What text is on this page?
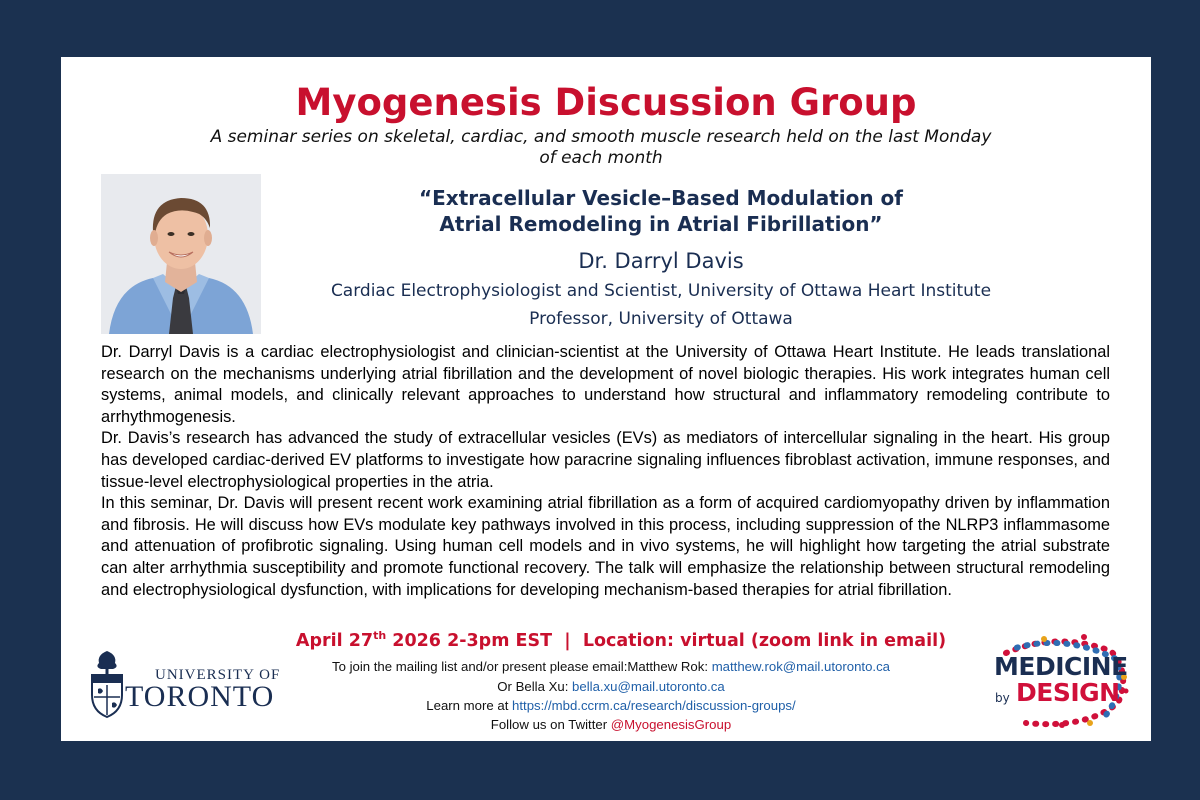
Myogenesis Discussion Group
A seminar series on skeletal, cardiac, and smooth muscle research held on the last Monday of each month
“Extracellular Vesicle–Based Modulation of
Atrial Remodeling in Atrial Fibrillation”
Dr. Darryl Davis
Cardiac Electrophysiologist and Scientist, University of Ottawa Heart Institute
Professor, University of Ottawa

Dr. Darryl Davis is a cardiac electrophysiologist and clinician-scientist at the University of Ottawa Heart Institute. He leads translational research on the mechanisms underlying atrial fibrillation and the development of novel biologic therapies. His work integrates human cell systems, animal models, and clinically relevant approaches to understand how structural and inflammatory remodeling contribute to arrhythmogenesis.

Dr. Davis’s research has advanced the study of extracellular vesicles (EVs) as mediators of intercellular signaling in the heart. His group has developed cardiac-derived EV platforms to investigate how paracrine signaling influences fibroblast activation, immune responses, and tissue-level electrophysiological properties in the atria.

In this seminar, Dr. Davis will present recent work examining atrial fibrillation as a form of acquired cardiomyopathy driven by inflammation and fibrosis. He will discuss how EVs modulate key pathways involved in this process, including suppression of the NLRP3 inflammasome and attenuation of profibrotic signaling. Using human cell models and in vivo systems, he will highlight how targeting the atrial substrate can alter arrhythmia susceptibility and promote functional recovery. The talk will emphasize the relationship between structural remodeling and electrophysiological dysfunction, with implications for developing mechanism-based therapies for atrial fibrillation.

April 27th 2026 2-3pm EST | Location: virtual (zoom link in email)
To join the mailing list and/or present please email:Matthew Rok: matthew.rok@mail.utoronto.ca
Or Bella Xu: bella.xu@mail.utoronto.ca
Learn more at https://mbd.ccrm.ca/research/discussion-groups/
Follow us on Twitter @MyogenesisGroup
UNIVERSITY OF
TORONTO
MEDICINE
by DESIGN
